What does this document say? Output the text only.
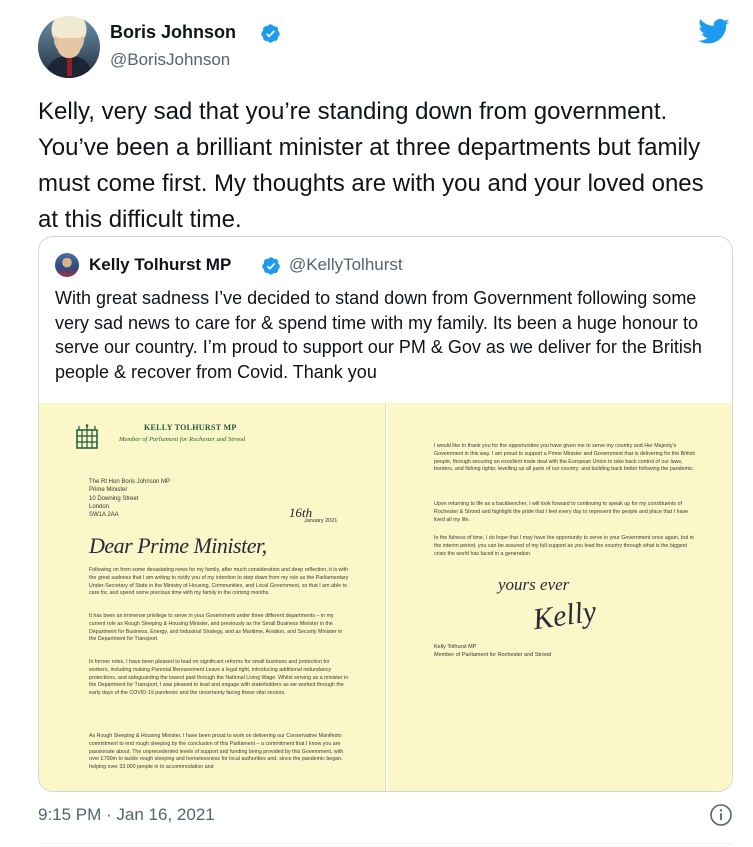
Boris Johnson
@BorisJohnson
Kelly, very sad that you’re standing down from government. You’ve been a brilliant minister at three departments but family must come first. My thoughts are with you and your loved ones at this difficult time.
Kelly Tolhurst MP	@KellyTolhurst
With great sadness I’ve decided to stand down from Government following some very sad news to care for & spend time with my family. Its been a huge honour to serve our country. I’m proud to support our PM & Gov as we deliver for the British people & recover from Covid. Thank you
KELLY TOLHURST MP
Member of Parliament for Rochester and Strood
The Rt Hon Boris Johnson MP
Prime Minister
10 Downing Street
London
SW1A 2AA	16th
January 2021
Dear Prime Minister,
Following on from some devastating news for my family, after much consideration and deep reflection, it is with the great sadness that I am writing to notify you of my intention to step down from my role as the Parliamentary Under-Secretary of State in the Ministry of Housing, Communities, and Local Government, so that I am able to care for, and spend some precious time with my family in the coming months.
It has been an immense privilege to serve in your Government under three different departments – in my current role as Rough Sleeping & Housing Minister, and previously as the Small Business Minister in the Department for Business, Energy, and Industrial Strategy, and as Maritime, Aviation, and Security Minister in the Department for Transport.
In former roles, I have been pleased to lead on significant reforms for small business and protection for workers, including making Parental Bereavement Leave a legal right, introducing additional redundancy protections, and safeguarding the lowest paid through the National Living Wage. Whilst serving as a minister in the Department for Transport, I was pleased to lead and engage with stakeholders as we worked through the early days of the COVID-19 pandemic and the uncertainty facing these vital sectors.
As Rough Sleeping & Housing Minister, I have been proud to work on delivering our Conservative Manifesto commitment to end rough sleeping by the conclusion of this Parliament – a commitment that I know you are passionate about. The unprecedented levels of support and funding being provided by this Government, with over £700m to tackle rough sleeping and homelessness for local authorities and, since the pandemic began, helping over 33,000 people in to accommodation and
I would like to thank you for the opportunities you have given me to serve my country and Her Majesty’s Government in this way. I am proud to support a Prime Minister and Government that is delivering for the British people, through securing an excellent trade deal with the European Union to take back control of our laws, borders, and fishing rights; levelling up all parts of our country; and building back better following the pandemic.
Upon returning to life as a backbencher, I will look forward to continuing to speak up for my constituents of Rochester & Strood and highlight the pride that I feel every day to represent the people and place that I have lived all my life.
In the fulness of time, I do hope that I may have the opportunity to serve in your Government once again, but in the interim period, you can be assured of my full support as you lead the country through what is the biggest crisis the world has faced in a generation.
yours ever
Kelly
Kelly Tolhurst MP
Member of Parliament for Rochester and Strood
9:15 PM · Jan 16, 2021
